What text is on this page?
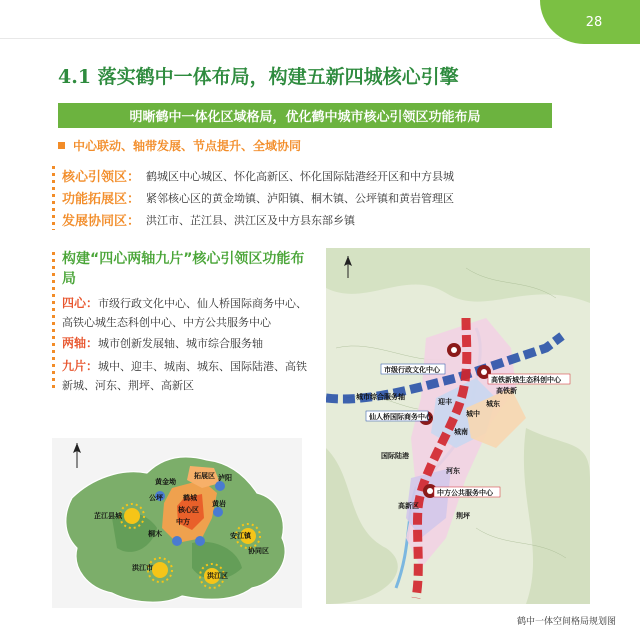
28
4.1 落实鹤中一体布局，构建五新四城核心引擎
明晰鹤中一体化区域格局，优化鹤中城市核心引领区功能布局
中心联动、轴带发展、节点提升、全域协同
核心引领区： 鹤城区中心城区、怀化高新区、怀化国际陆港经开区和中方县城
功能拓展区： 紧邻核心区的黄金坳镇、泸阳镇、桐木镇、公坪镇和黄岩管理区
发展协同区： 洪江市、芷江县、洪江区及中方县东部乡镇
构建“四心两轴九片”核心引领区功能布局
四心：市级行政文化中心、仙人桥国际商务中心、高铁心城生态科创中心、中方公共服务中心
两轴：城市创新发展轴、城市综合服务轴
九片：城中、迎丰、城南、城东、国际陆港、高铁新城、河东、荆坪、高新区
拓展区
黄金坳	泸阳
公坪	鹤城
黄岩
核心区
中方
芷江县城
桐木	安江镇
协同区
洪江市
洪江区
市级行政文化中心
高铁新城生态科创中心
仙人桥国际商务中心
中方公共服务中心
城市综合服务轴
城中
城东
高铁新
城南
国际陆港
河东
荆坪
迎丰
高新区
鹤中一体空间格局规划图
